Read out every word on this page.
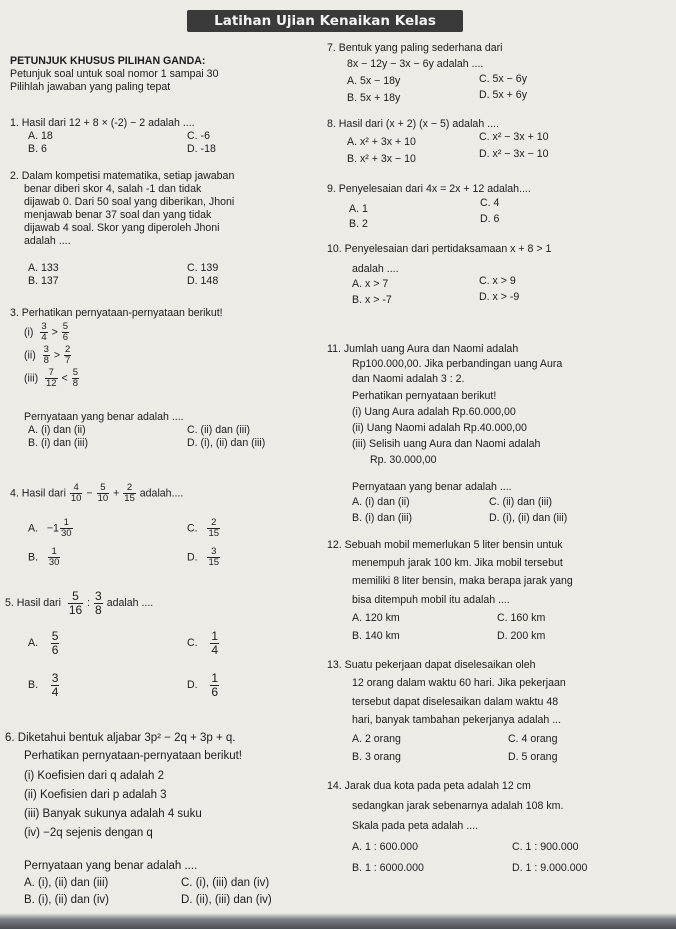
Latihan Ujian Kenaikan Kelas
PETUNJUK KHUSUS PILIHAN GANDA:
Petunjuk soal untuk soal nomor 1 sampai 30
Pilihlah jawaban yang paling tepat
1. Hasil dari 12 + 8 × (-2) − 2 adalah ....
A. 18	C. -6
B. 6	D. -18
2. Dalam kompetisi matematika, setiap jawaban
benar diberi skor 4, salah -1 dan tidak
dijawab 0. Dari 50 soal yang diberikan, Jhoni
menjawab benar 37 soal dan yang tidak
dijawab 4 soal. Skor yang diperoleh Jhoni
adalah ....
A. 133	C. 139
B. 137	D. 148
3. Perhatikan pernyataan-pernyataan berikut!
$(i) \frac{3}{4} > \frac{5}{6}$
$(ii) \frac{3}{8} > \frac{2}{7}$
$(iii) \frac{7}{12} < \frac{5}{8}$
Pernyataan yang benar adalah ....
A. (i) dan (ii)	C. (ii) dan (iii)
B. (i) dan (iii)	D. (i), (ii) dan (iii)
4. Hasil dari $\frac{4}{10} - \frac{5}{10} + \frac{2}{15}$ adalah....
A. $-1 \frac{1}{30}$	C. $\frac{2}{15}$
B. $\frac{1}{30}$	D. $\frac{3}{15}$
5. Hasil dari $\frac{5}{16}$ : $\frac{3}{8}$ adalah ....
A. $\frac{5}{6}$	C. $\frac{1}{4}$
B. $\frac{3}{4}$	D. $\frac{1}{6}$
6. Diketahui bentuk aljabar 3p² − 2q + 3p + q.
Perhatikan pernyataan-pernyataan berikut!
(i) Koefisien dari q adalah 2
(ii) Koefisien dari p adalah 3
(iii) Banyak sukunya adalah 4 suku
(iv) −2q sejenis dengan q
Pernyataan yang benar adalah ....
A. (i), (ii) dan (iii)	C. (i), (iii) dan (iv)
B. (i), (ii) dan (iv)	D. (ii), (iii) dan (iv)
7. Bentuk yang paling sederhana dari
8x − 12y − 3x − 6y adalah ....
A. 5x − 18y	C. 5x − 6y
B. 5x + 18y	D. 5x + 6y
8. Hasil dari (x + 2) (x − 5) adalah ....
A. x² + 3x + 10	C. x² − 3x + 10
B. x² + 3x − 10	D. x² − 3x − 10
9. Penyelesaian dari 4x = 2x + 12 adalah....
A. 1	C. 4
B. 2	D. 6
10. Penyelesaian dari pertidaksamaan x + 8 > 1
adalah ....
A. x > 7	C. x > 9
B. x > -7	D. x > -9
11. Jumlah uang Aura dan Naomi adalah
Rp100.000,00. Jika perbandingan uang Aura
dan Naomi adalah 3 : 2.
Perhatikan pernyataan berikut!
(i) Uang Aura adalah Rp.60.000,00
(ii) Uang Naomi adalah Rp.40.000,00
(iii) Selisih uang Aura dan Naomi adalah
Rp. 30.000,00
Pernyataan yang benar adalah ....
A. (i) dan (ii)	C. (ii) dan (iii)
B. (i) dan (iii)	D. (i), (ii) dan (iii)
12. Sebuah mobil memerlukan 5 liter bensin untuk
menempuh jarak 100 km. Jika mobil tersebut
memiliki 8 liter bensin, maka berapa jarak yang
bisa ditempuh mobil itu adalah ....
A. 120 km	C. 160 km
B. 140 km	D. 200 km
13. Suatu pekerjaan dapat diselesaikan oleh
12 orang dalam waktu 60 hari. Jika pekerjaan
tersebut dapat diselesaikan dalam waktu 48
hari, banyak tambahan pekerjanya adalah ...
A. 2 orang	C. 4 orang
B. 3 orang	D. 5 orang
14. Jarak dua kota pada peta adalah 12 cm
sedangkan jarak sebenarnya adalah 108 km.
Skala pada peta adalah ....
A. 1 : 600.000	C. 1 : 900.000
B. 1 : 6000.000	D. 1 : 9.000.000
